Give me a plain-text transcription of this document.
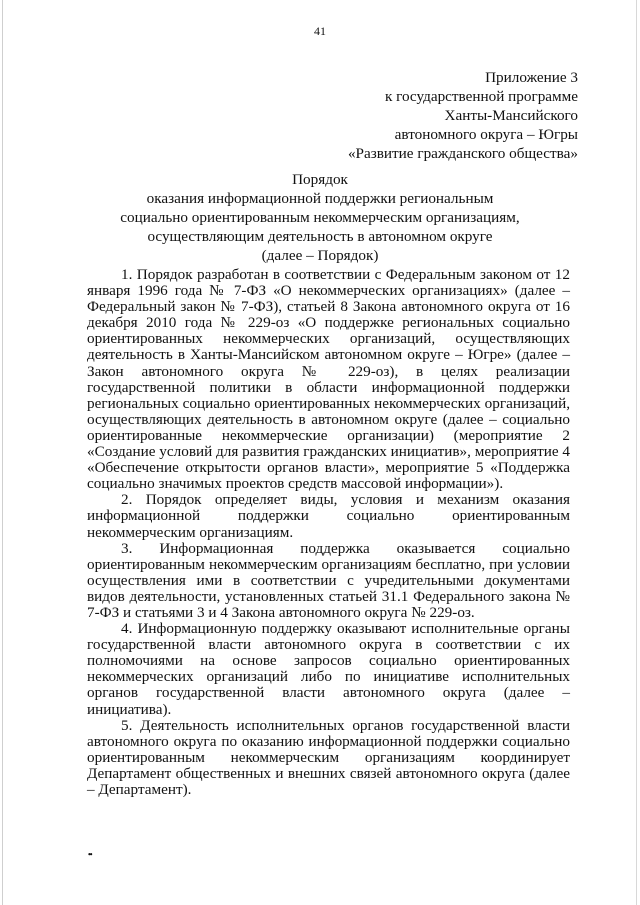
41
Приложение 3
к государственной программе
Ханты-Мансийского
автономного округа – Югры
«Развитие гражданского общества»
Порядок
оказания информационной поддержки региональным
социально ориентированным некоммерческим организациям,
осуществляющим деятельность в автономном округе
(далее – Порядок)

1. Порядок разработан в соответствии с Федеральным законом от 12 января 1996 года № 7-ФЗ «О некоммерческих организациях» (далее – Федеральный закон № 7-ФЗ), статьей 8 Закона автономного округа от 16 декабря 2010 года № 229-оз «О поддержке региональных социально ориентированных некоммерческих организаций, осуществляющих деятельность в Ханты-Мансийском автономном округе – Югре» (далее – Закон автономного округа № 229-оз), в целях реализации государственной политики в области информационной поддержки региональных социально ориентированных некоммерческих организаций, осуществляющих деятельность в автономном округе (далее – социально ориентированные некоммерческие организации) (мероприятие 2 «Создание условий для развития гражданских инициатив», мероприятие 4 «Обеспечение открытости органов власти», мероприятие 5 «Поддержка социально значимых проектов средств массовой информации»).

2. Порядок определяет виды, условия и механизм оказания информационной поддержки социально ориентированным некоммерческим организациям.

3. Информационная поддержка оказывается социально ориентированным некоммерческим организациям бесплатно, при условии осуществления ими в соответствии с учредительными документами видов деятельности, установленных статьей 31.1 Федерального закона № 7-ФЗ и статьями 3 и 4 Закона автономного округа № 229-оз.

4. Информационную поддержку оказывают исполнительные органы государственной власти автономного округа в соответствии с их полномочиями на основе запросов социально ориентированных некоммерческих организаций либо по инициативе исполнительных органов государственной власти автономного округа (далее – инициатива).

5. Деятельность исполнительных органов государственной власти автономного округа по оказанию информационной поддержки социально ориентированным некоммерческим организациям координирует Департамент общественных и внешних связей автономного округа (далее – Департамент).

••
